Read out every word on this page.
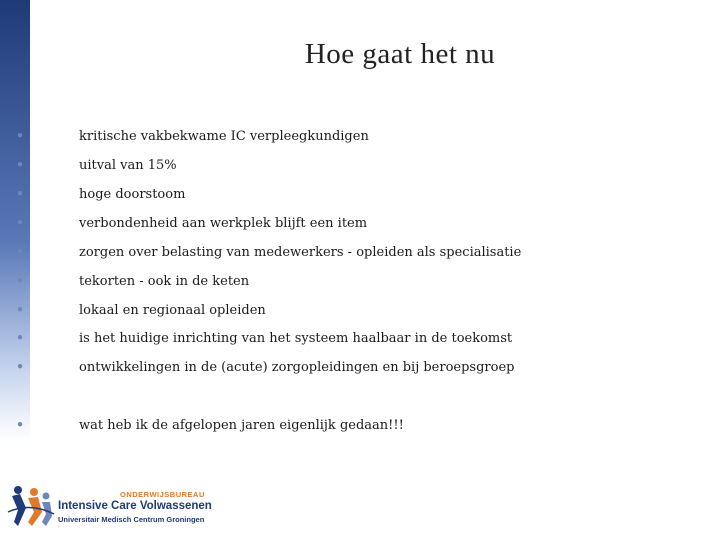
Hoe gaat het nu
•	kritische vakbekwame IC verpleegkundigen
•	uitval van 15%
•	hoge doorstoom
•	verbondenheid aan werkplek blijft een item
•	zorgen over belasting van medewerkers - opleiden als specialisatie
•	tekorten - ook in de keten
•	lokaal en regionaal opleiden
•	is het huidige inrichting van het systeem haalbaar in de toekomst
•	ontwikkelingen in de (acute) zorgopleidingen en bij beroepsgroep
•	wat heb ik de afgelopen jaren eigenlijk gedaan!!!
ONDERWIJSBUREAU
Intensive Care Volwassenen
Universitair Medisch Centrum Groningen
